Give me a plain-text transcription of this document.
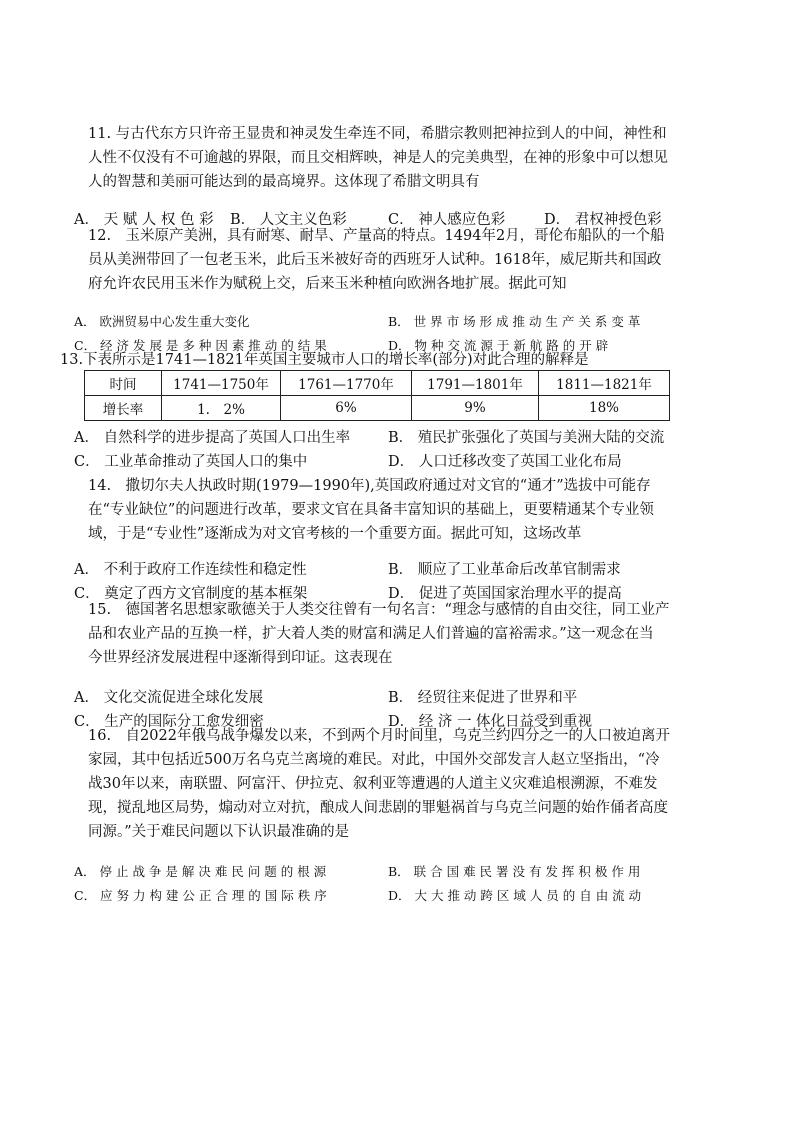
11. 与古代东方只许帝王显贵和神灵发生牵连不同，希腊宗教则把神拉到人的中间，神性和
人性不仅没有不可逾越的界限，而且交相辉映，神是人的完美典型，在神的形象中可以想见
人的智慧和美丽可能达到的最高境界。这体现了希腊文明具有
A． 天 赋 人 权 色 彩 B． 人文主义色彩	C． 神人感应色彩	D． 君权神授色彩
12.　玉米原产美洲，具有耐寒、耐旱、产量高的特点。1494年2月，哥伦布船队的一个船
员从美洲带回了一包老玉米，此后玉米被好奇的西班牙人试种。1618年，威尼斯共和国政
府允许农民用玉米作为赋税上交，后来玉米种植向欧洲各地扩展。据此可知
A． 欧洲贸易中心发生重大变化	B． 世 界 市 场 形 成 推 动 生 产 关 系 变 革
C． 经 济 发 展 是 多 种 因 素 推 动 的 结 果	D． 物 种 交 流 源 于 新 航 路 的 开 辟
13.下表所示是1741—1821年英国主要城市人口的增长率(部分)对此合理的解释是
时间	1741—1750年	1761—1770年	1791—1801年	1811—1821年
增长率	1.　2%	6%	9%	18%
A． 自然科学的进步提高了英国人口出生率	B． 殖民扩张强化了英国与美洲大陆的交流
C． 工业革命推动了英国人口的集中	D． 人口迁移改变了英国工业化布局
14.　撒切尔夫人执政时期(1979—1990年),英国政府通过对文官的“通才”选拔中可能存
在“专业缺位”的问题进行改革，要求文官在具备丰富知识的基础上，更要精通某个专业领
域，于是“专业性”逐渐成为对文官考核的一个重要方面。据此可知，这场改革
A． 不利于政府工作连续性和稳定性	B． 顺应了工业革命后改革官制需求
C． 奠定了西方文官制度的基本框架	D． 促进了英国国家治理水平的提高
15.　德国著名思想家歌德关于人类交往曾有一句名言：“理念与感情的自由交往，同工业产
品和农业产品的互换一样，扩大着人类的财富和满足人们普遍的富裕需求。”这一观念在当
今世界经济发展进程中逐渐得到印证。这表现在
A． 文化交流促进全球化发展	B． 经贸往来促进了世界和平
C． 生产的国际分工愈发细密	D． 经 济 一 体化日益受到重视
16.　自2022年俄乌战争爆发以来，不到两个月时间里，乌克兰约四分之一的人口被迫离开
家园，其中包括近500万名乌克兰离境的难民。对此，中国外交部发言人赵立坚指出，“冷
战30年以来，南联盟、阿富汗、伊拉克、叙利亚等遭遇的人道主义灾难追根溯源，不难发
现，搅乱地区局势，煽动对立对抗，酿成人间悲剧的罪魁祸首与乌克兰问题的始作俑者高度
同源。”关于难民问题以下认识最准确的是
A． 停 止 战 争 是 解 决 难 民 问 题 的 根 源	B． 联 合 国 难 民 署 没 有 发 挥 积 极 作 用
C． 应 努 力 构 建 公 正 合 理 的 国 际 秩 序	D． 大 大 推 动 跨 区 域 人 员 的 自 由 流 动
